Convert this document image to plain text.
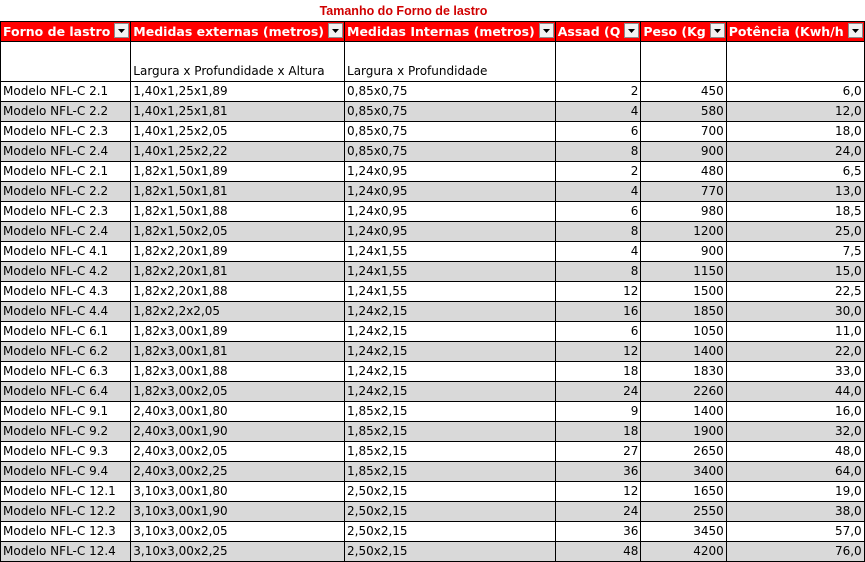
Tamanho do Forno de lastro
Forno de lastro	Medidas externas (metros)	Medidas Internas (metros)	Assad (Q	Peso (Kg	Potência (Kwh/h

	Largura x Profundidade x Altura	Largura x Profundidade			

Modelo NFL-C 2.1	1,40x1,25x1,89	0,85x0,75	2	450	6,0
Modelo NFL-C 2.2	1,40x1,25x1,81	0,85x0,75	4	580	12,0
Modelo NFL-C 2.3	1,40x1,25x2,05	0,85x0,75	6	700	18,0
Modelo NFL-C 2.4	1,40x1,25x2,22	0,85x0,75	8	900	24,0
Modelo NFL-C 2.1	1,82x1,50x1,89	1,24x0,95	2	480	6,5
Modelo NFL-C 2.2	1,82x1,50x1,81	1,24x0,95	4	770	13,0
Modelo NFL-C 2.3	1,82x1,50x1,88	1,24x0,95	6	980	18,5
Modelo NFL-C 2.4	1,82x1,50x2,05	1,24x0,95	8	1200	25,0
Modelo NFL-C 4.1	1,82x2,20x1,89	1,24x1,55	4	900	7,5
Modelo NFL-C 4.2	1,82x2,20x1,81	1,24x1,55	8	1150	15,0
Modelo NFL-C 4.3	1,82x2,20x1,88	1,24x1,55	12	1500	22,5
Modelo NFL-C 4.4	1,82x2,2x2,05	1,24x2,15	16	1850	30,0
Modelo NFL-C 6.1	1,82x3,00x1,89	1,24x2,15	6	1050	11,0
Modelo NFL-C 6.2	1,82x3,00x1,81	1,24x2,15	12	1400	22,0
Modelo NFL-C 6.3	1,82x3,00x1,88	1,24x2,15	18	1830	33,0
Modelo NFL-C 6.4	1,82x3,00x2,05	1,24x2,15	24	2260	44,0
Modelo NFL-C 9.1	2,40x3,00x1,80	1,85x2,15	9	1400	16,0
Modelo NFL-C 9.2	2,40x3,00x1,90	1,85x2,15	18	1900	32,0
Modelo NFL-C 9.3	2,40x3,00x2,05	1,85x2,15	27	2650	48,0
Modelo NFL-C 9.4	2,40x3,00x2,25	1,85x2,15	36	3400	64,0
Modelo NFL-C 12.1	3,10x3,00x1,80	2,50x2,15	12	1650	19,0
Modelo NFL-C 12.2	3,10x3,00x1,90	2,50x2,15	24	2550	38,0
Modelo NFL-C 12.3	3,10x3,00x2,05	2,50x2,15	36	3450	57,0
Modelo NFL-C 12.4	3,10x3,00x2,25	2,50x2,15	48	4200	76,0
